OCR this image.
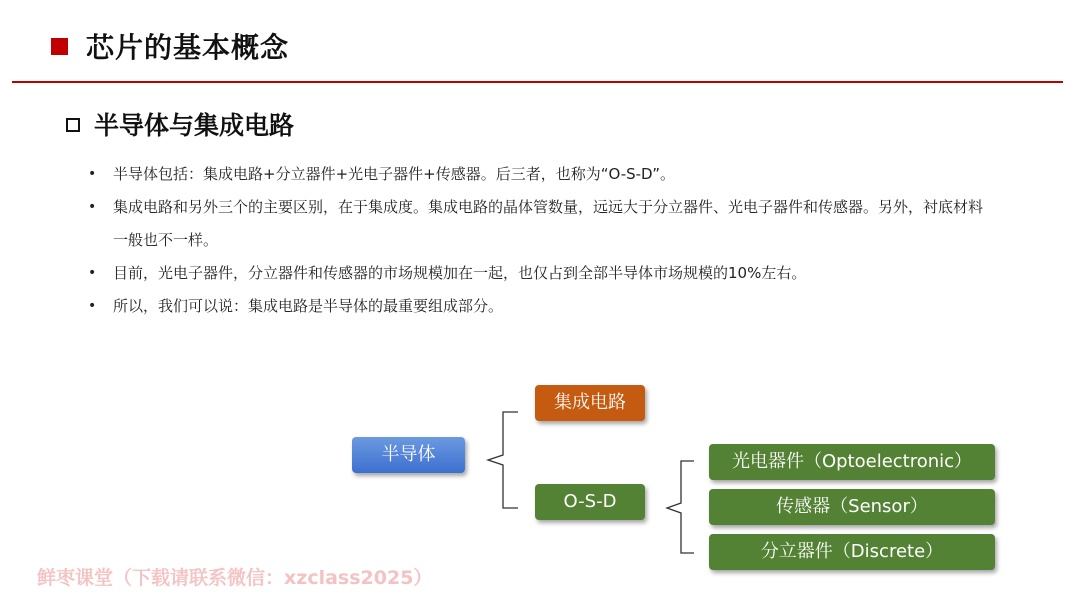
芯片的基本概念
半导体与集成电路
• 半导体包括：集成电路+分立器件+光电子器件+传感器。后三者，也称为“O-S-D”。
• 集成电路和另外三个的主要区别，在于集成度。集成电路的晶体管数量，远远大于分立器件、光电子器件和传感器。另外，衬底材料一般也不一样。
• 目前，光电子器件，分立器件和传感器的市场规模加在一起，也仅占到全部半导体市场规模的10%左右。
• 所以，我们可以说：集成电路是半导体的最重要组成部分。
半导体
集成电路
O-S-D
光电器件（Optoelectronic）
传感器（Sensor）
分立器件（Discrete）
鲜枣课堂（下载请联系微信：xzclass2025）
